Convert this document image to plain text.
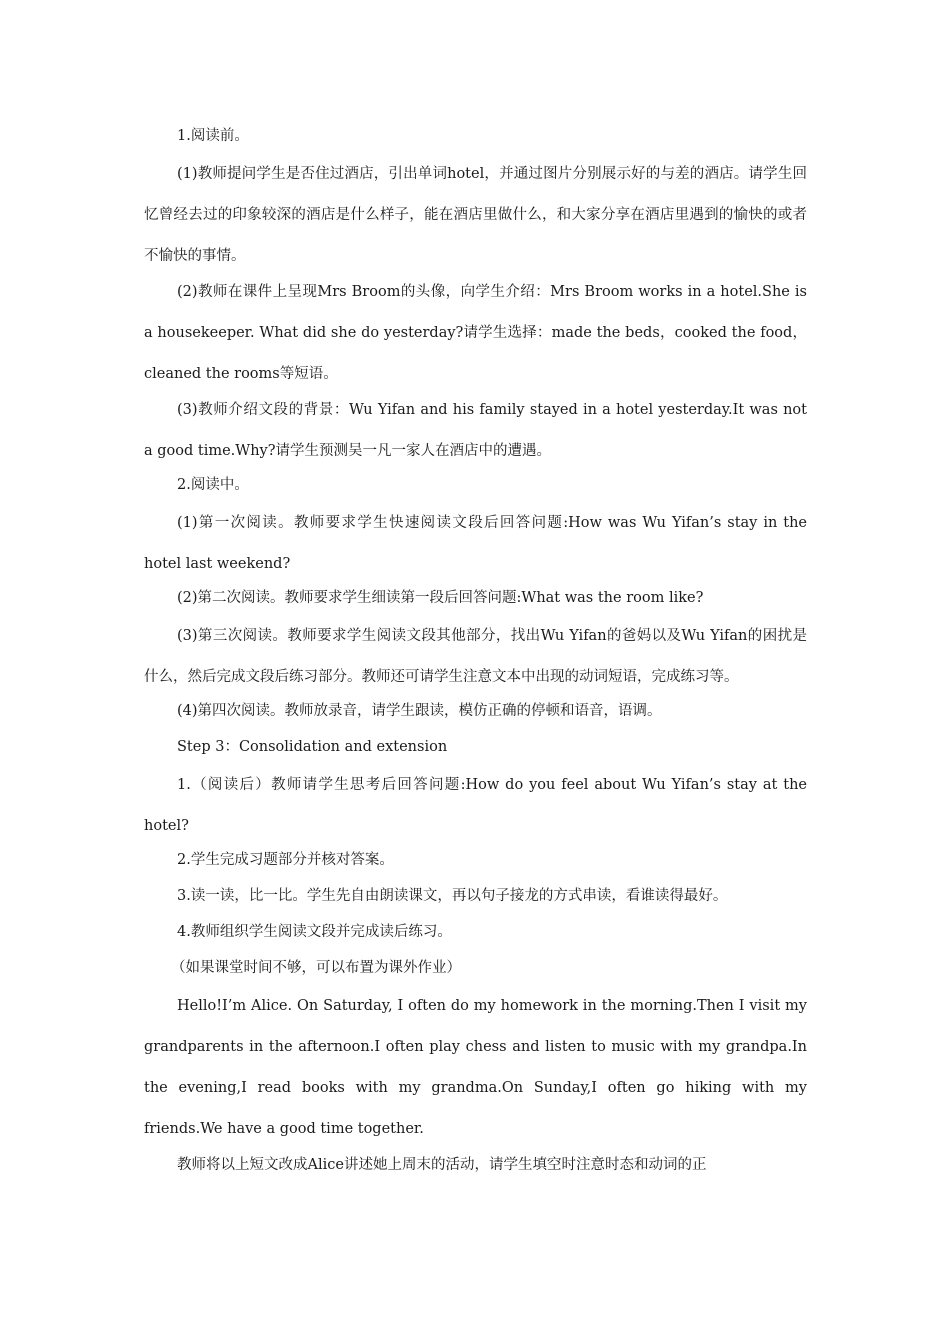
1.阅读前。

(1)教师提问学生是否住过酒店，引出单词hotel，并通过图片分别展示好的与差的酒店。请学生回忆曾经去过的印象较深的酒店是什么样子，能在酒店里做什么，和大家分享在酒店里遇到的愉快的或者不愉快的事情。

(2)教师在课件上呈现Mrs Broom的头像，向学生介绍：Mrs Broom works in a hotel.She is a housekeeper. What did she do yesterday?请学生选择：made the beds，cooked the food，cleaned the rooms等短语。

(3)教师介绍文段的背景：Wu Yifan and his family stayed in a hotel yesterday.It was not a good time.Why?请学生预测吴一凡一家人在酒店中的遭遇。

2.阅读中。

(1)第一次阅读。教师要求学生快速阅读文段后回答问题:How was Wu Yifan’s stay in the hotel last weekend?

(2)第二次阅读。教师要求学生细读第一段后回答问题:What was the room like?

(3)第三次阅读。教师要求学生阅读文段其他部分，找出Wu Yifan的爸妈以及Wu Yifan的困扰是什么，然后完成文段后练习部分。教师还可请学生注意文本中出现的动词短语，完成练习等。

(4)第四次阅读。教师放录音，请学生跟读，模仿正确的停顿和语音，语调。

Step 3：Consolidation and extension

1.（阅读后）教师请学生思考后回答问题:How do you feel about Wu Yifan’s stay at the hotel?

2.学生完成习题部分并核对答案。

3.读一读，比一比。学生先自由朗读课文，再以句子接龙的方式串读，看谁读得最好。

4.教师组织学生阅读文段并完成读后练习。

（如果课堂时间不够，可以布置为课外作业）

Hello!I’m Alice. On Saturday, I often do my homework in the morning.Then I visit my grandparents in the afternoon.I often play chess and listen to music with my grandpa.In the evening,I read books with my grandma.On Sunday,I often go hiking with my friends.We have a good time together.

教师将以上短文改成Alice讲述她上周末的活动，请学生填空时注意时态和动词的正
